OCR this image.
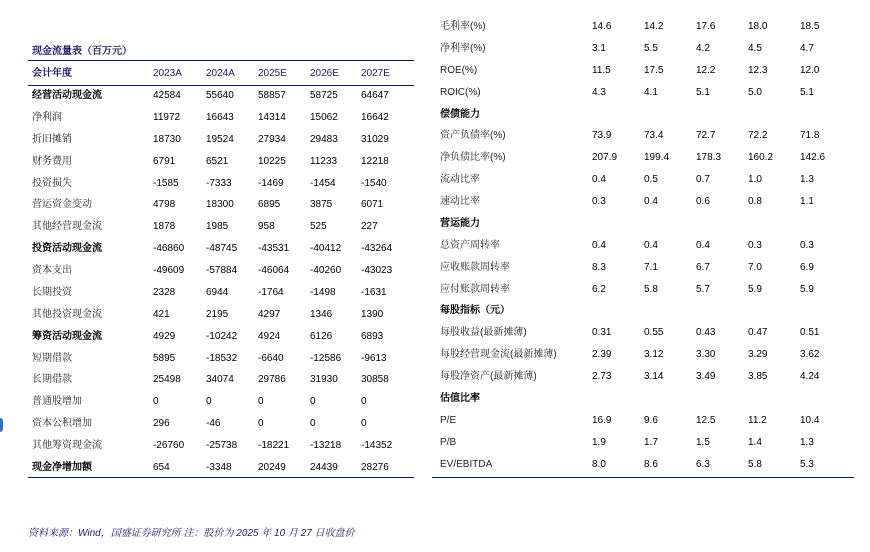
现金流量表（百万元）
会计年度	2023A 2024A 2025E 2026E 2027E
经营活动现金流	42584	55640 58857 58725 64647
净利润	11972	16643 14314 15062 16642
折旧摊销	18730	19524 27934 29483 31029
财务费用	6791	6521	10225 11233 12218
投资损失	-1585	-7333	-1469	-1454	-1540
营运资金变动	4798	18300 6895	3875	6071
其他经营现金流	1878	1985	958	525	227
投资活动现金流	-46860 -48745 -43531 -40412 -43264
资本支出	-49609 -57884 -46064 -40260 -43023
长期投资	2328	6944	-1764	-1498	-1631
其他投资现金流	421	2195	4297	1346	1390
筹资活动现金流	4929	-10242 4924	6126	6893
短期借款	5895	-18532 -6640	-12586 -9613
长期借款	25498	34074 29786 31930 30858
普通股增加	0	0	0	0	0
资本公积增加	296	-46	0	0	0
其他筹资现金流	-26760 -25738 -18221 -13218 -14352
现金净增加额	654	-3348	20249 24439 28276
毛利率(%)	14.6	14.2	17.6	18.0	18.5
净利率(%)	3.1	5.5	4.2	4.5	4.7
ROE(%)	11.5	17.5	12.2	12.3	12.0
ROIC(%)	4.3	4.1	5.1	5.0	5.1
偿债能力
资产负债率(%)	73.9	73.4	72.7	72.2	71.8
净负债比率(%)	207.9	199.4	178.3	160.2	142.6
流动比率	0.4	0.5	0.7	1.0	1.3
速动比率	0.3	0.4	0.6	0.8	1.1
营运能力
总资产周转率	0.4	0.4	0.4	0.3	0.3
应收账款周转率	8.3	7.1	6.7	7.0	6.9
应付账款周转率	6.2	5.8	5.7	5.9	5.9
每股指标（元）
每股收益(最新摊薄)	0.31	0.55	0.43	0.47	0.51
每股经营现金流(最新摊薄)	2.39	3.12	3.30	3.29	3.62
每股净资产(最新摊薄)	2.73	3.14	3.49	3.85	4.24
估值比率
P/E	16.9	9.6	12.5	11.2	10.4
P/B	1.9	1.7	1.5	1.4	1.3
EV/EBITDA	8.0	8.6	6.3	5.8	5.3
资料来源：Wind，国盛证券研究所 注：股价为 2025 年 10 月 27 日收盘价
